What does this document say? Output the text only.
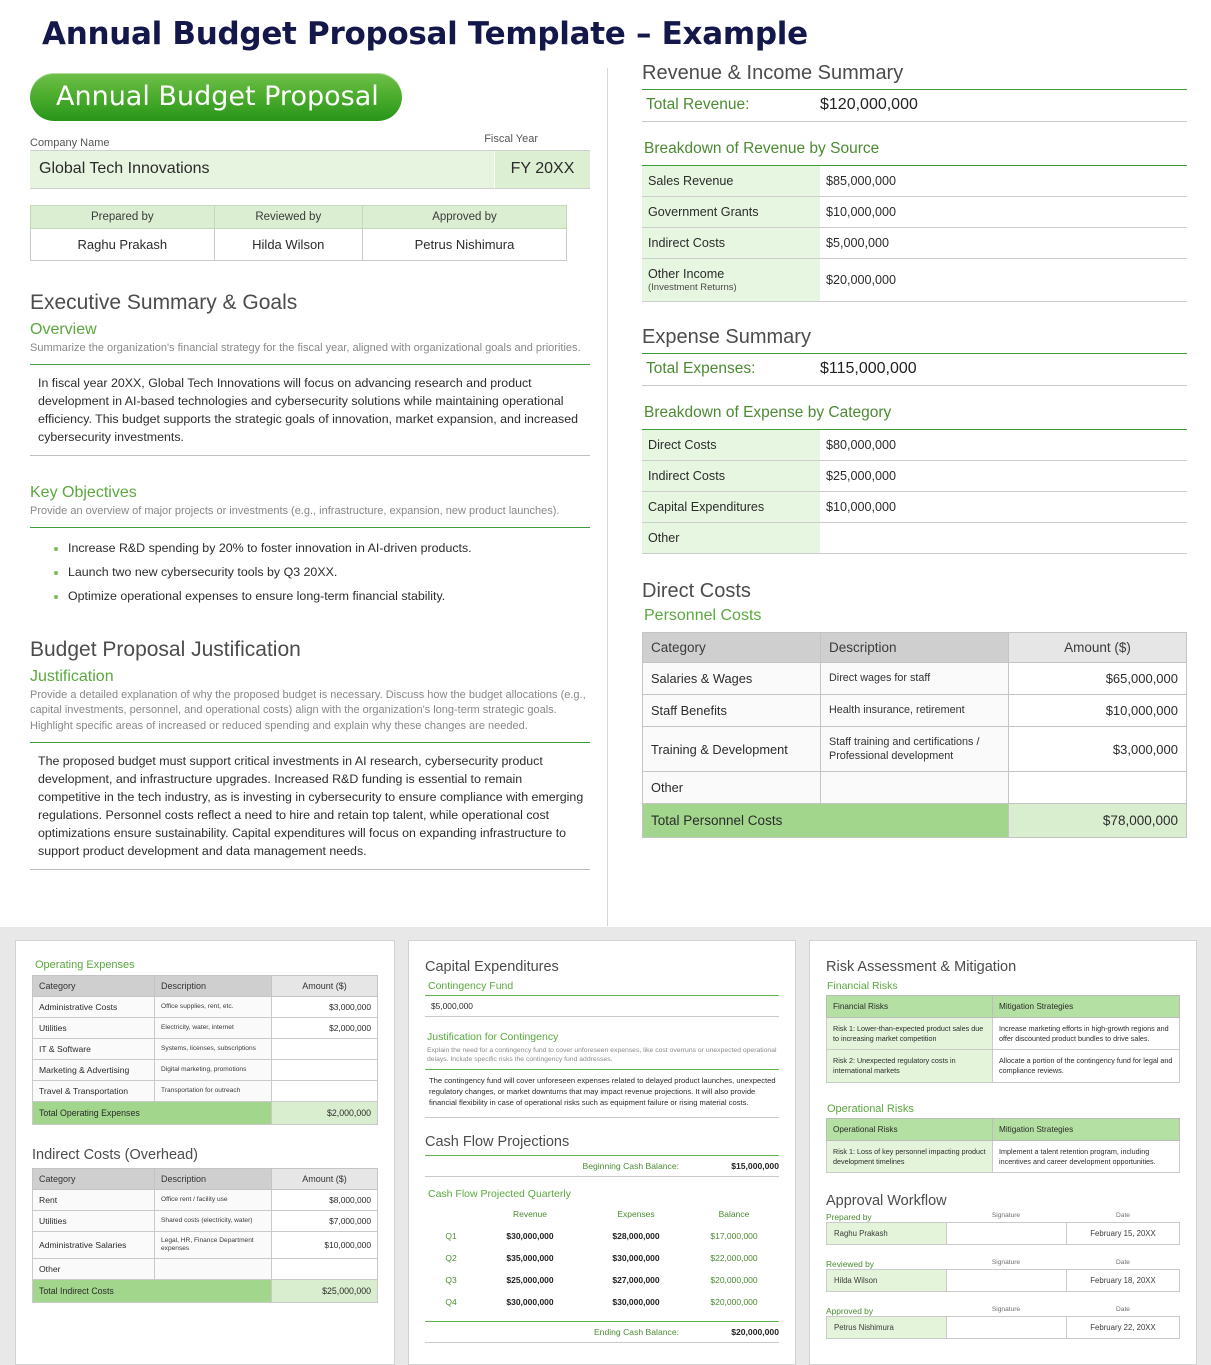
Annual Budget Proposal Template – Example
Annual Budget Proposal
Company Name	Fiscal Year
Global Tech Innovations	FY 20XX
Prepared by	Reviewed by	Approved by
Raghu Prakash	Hilda Wilson	Petrus Nishimura
Executive Summary & Goals
Overview

Summarize the organization's financial strategy for the fiscal year, aligned with organizational goals and priorities.

In fiscal year 20XX, Global Tech Innovations will focus on advancing research and product development in AI-based technologies and cybersecurity solutions while maintaining operational efficiency. This budget supports the strategic goals of innovation, market expansion, and increased cybersecurity investments.

Key Objectives

Provide an overview of major projects or investments (e.g., infrastructure, expansion, new product launches).

• Increase R&D spending by 20% to foster innovation in AI-driven products.
• Launch two new cybersecurity tools by Q3 20XX.
• Optimize operational expenses to ensure long-term financial stability.
Budget Proposal Justification
Justification

Provide a detailed explanation of why the proposed budget is necessary. Discuss how the budget allocations (e.g., capital investments, personnel, and operational costs) align with the organization's long-term strategic goals. Highlight specific areas of increased or reduced spending and explain why these changes are needed.

The proposed budget must support critical investments in AI research, cybersecurity product development, and infrastructure upgrades. Increased R&D funding is essential to remain competitive in the tech industry, as is investing in cybersecurity to ensure compliance with emerging regulations. Personnel costs reflect a need to hire and retain top talent, while operational cost optimizations ensure sustainability. Capital expenditures will focus on expanding infrastructure to support product development and data management needs.

Revenue & Income Summary
Total Revenue:	$120,000,000
Breakdown of Revenue by Source
Sales Revenue	$85,000,000
Government Grants	$10,000,000
Indirect Costs	$5,000,000
Other Income
(Investment Returns)	$20,000,000
Expense Summary
Total Expenses:	$115,000,000
Breakdown of Expense by Category
Direct Costs	$80,000,000
Indirect Costs	$25,000,000
Capital Expenditures	$10,000,000
Other	
Direct Costs
Personnel Costs
Category	Description	Amount ($)
Salaries & Wages	Direct wages for staff	$65,000,000
Staff Benefits	Health insurance, retirement	$10,000,000
Training & Development	Staff training and certifications / Professional development	$3,000,000
Other		
Total Personnel Costs		$78,000,000
Operating Expenses
Category	Description	Amount ($)
Administrative Costs	Office supplies, rent, etc.	$3,000,000
Utilities	Electricity, water, internet	$2,000,000
IT & Software	Systems, licenses, subscriptions	
Marketing & Advertising	Digital marketing, promotions	
Travel & Transportation	Transportation for outreach	
Total Operating Expenses		$2,000,000
Indirect Costs (Overhead)
Category	Description	Amount ($)
Rent	Office rent / facility use	$8,000,000
Utilities	Shared costs (electricity, water)	$7,000,000
Administrative Salaries	Legal, HR, Finance Department expenses	$10,000,000
Other		
Total Indirect Costs		$25,000,000
Capital Expenditures
Contingency Fund
$5,000,000
Justification for Contingency

Explain the need for a contingency fund to cover unforeseen expenses, like cost overruns or unexpected operational delays. Include specific risks the contingency fund addresses.

The contingency fund will cover unforeseen expenses related to delayed product launches, unexpected regulatory changes, or market downturns that may impact revenue projections. It will also provide financial flexibility in case of operational risks such as equipment failure or rising material costs.

Cash Flow Projections
Beginning Cash Balance:	$15,000,000
Cash Flow Projected Quarterly
	Revenue	Expenses	Balance
Q1	$30,000,000	$28,000,000	$17,000,000
Q2	$35,000,000	$30,000,000	$22,000,000
Q3	$25,000,000	$27,000,000	$20,000,000
Q4	$30,000,000	$30,000,000	$20,000,000
Ending Cash Balance:	$20,000,000
Risk Assessment & Mitigation
Financial Risks
Financial Risks	Mitigation Strategies
Risk 1: Lower-than-expected product sales due to increasing market competition	Increase marketing efforts in high-growth regions and offer discounted product bundles to drive sales.
Risk 2: Unexpected regulatory costs in international markets	Allocate a portion of the contingency fund for legal and compliance reviews.
Operational Risks
Operational Risks	Mitigation Strategies
Risk 1: Loss of key personnel impacting product development timelines	Implement a talent retention program, including incentives and career development opportunities.
Approval Workflow
Prepared by	Signature	Date
Raghu Prakash		February 15, 20XX
Reviewed by	Signature	Date
Hilda Wilson		February 18, 20XX
Approved by	Signature	Date
Petrus Nishimura		February 22, 20XX
